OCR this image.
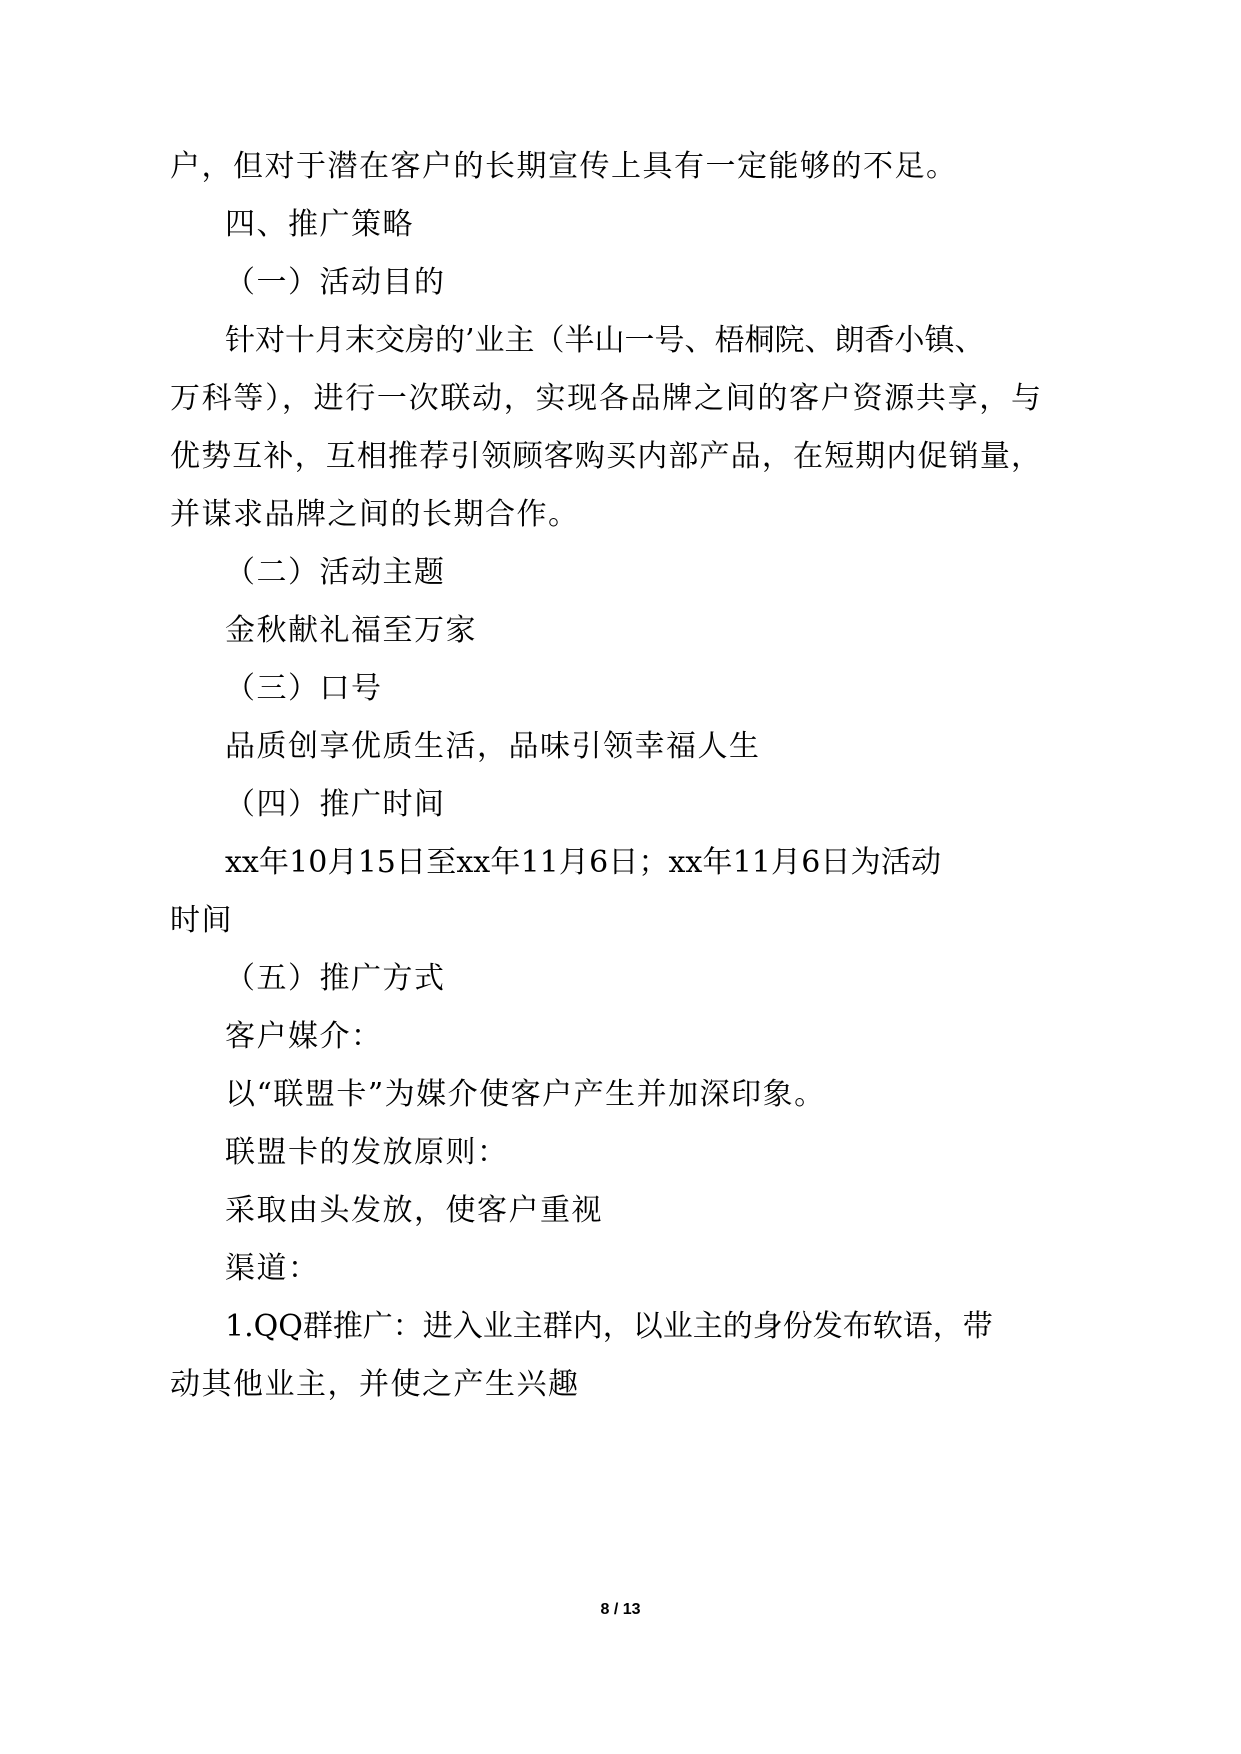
户，但对于潜在客户的长期宣传上具有一定能够的不足。
四、推广策略
（一）活动目的
针对十月末交房的’业主（半山一号、梧桐院、朗香小镇、
万科等），进行一次联动，实现各品牌之间的客户资源共享，与
优势互补，互相推荐引领顾客购买内部产品，在短期内促销量，
并谋求品牌之间的长期合作。
（二）活动主题
金秋献礼福至万家
（三）口号
品质创享优质生活，品味引领幸福人生
（四）推广时间
xx年10月15日至xx年11月6日；xx年11月6日为活动
时间
（五）推广方式
客户媒介：
以“联盟卡”为媒介使客户产生并加深印象。
联盟卡的发放原则：
采取由头发放，使客户重视
渠道：
1.QQ群推广：进入业主群内，以业主的身份发布软语，带
动其他业主，并使之产生兴趣
8 / 13
